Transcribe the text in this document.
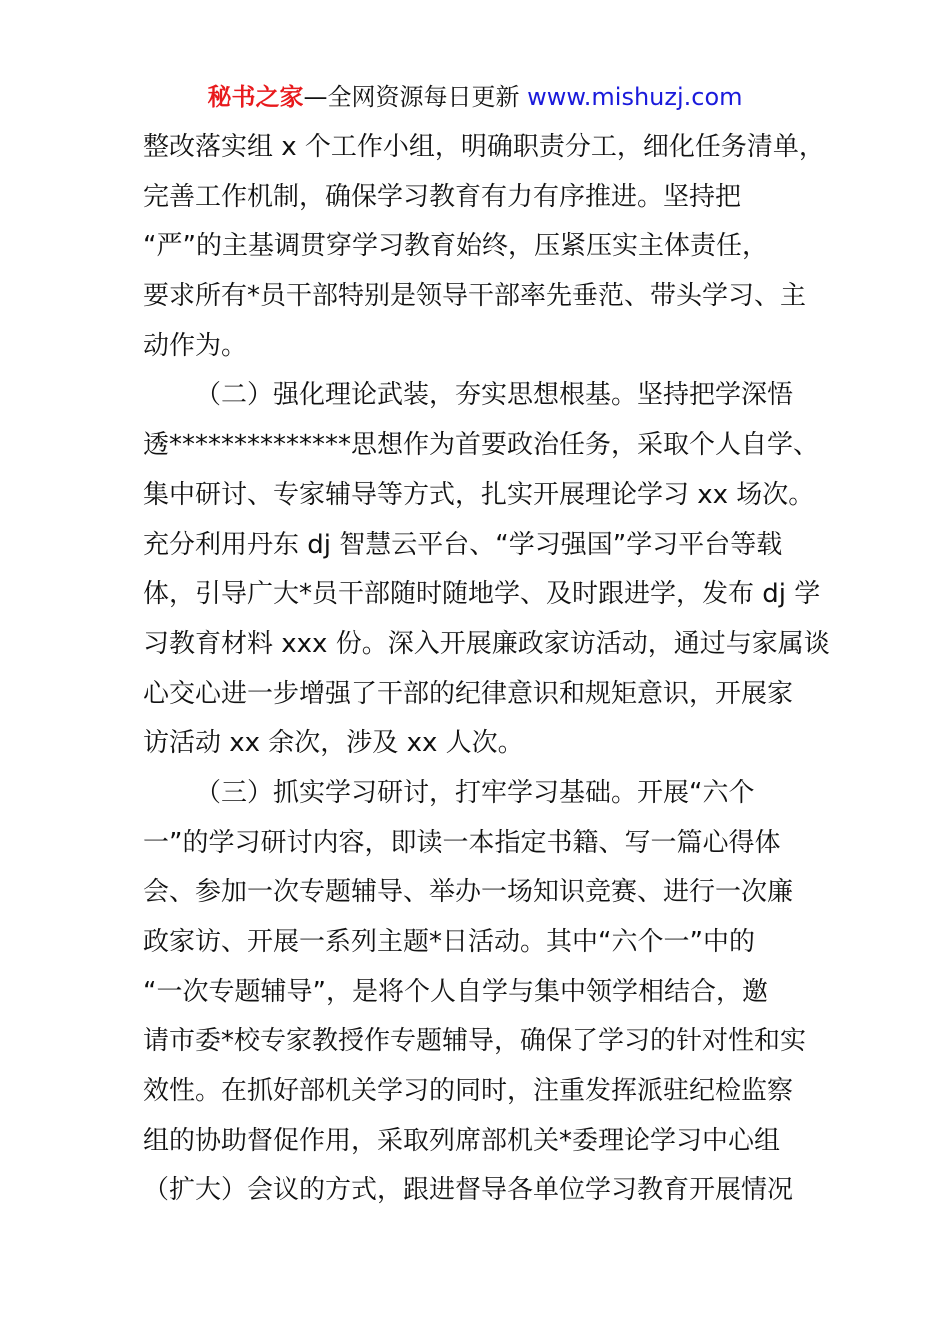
秘书之家—全网资源每日更新 www.mishuzj.com
整改落实组 x 个工作小组，明确职责分工，细化任务清单，
完善工作机制，确保学习教育有力有序推进。坚持把
“严”的主基调贯穿学习教育始终，压紧压实主体责任，
要求所有*员干部特别是领导干部率先垂范、带头学习、主
动作为。
（二）强化理论武装，夯实思想根基。坚持把学深悟
透**************思想作为首要政治任务，采取个人自学、
集中研讨、专家辅导等方式，扎实开展理论学习 xx 场次。
充分利用丹东 dj 智慧云平台、“学习强国”学习平台等载
体，引导广大*员干部随时随地学、及时跟进学，发布 dj 学
习教育材料 xxx 份。深入开展廉政家访活动，通过与家属谈
心交心进一步增强了干部的纪律意识和规矩意识，开展家
访活动 xx 余次，涉及 xx 人次。
（三）抓实学习研讨，打牢学习基础。开展“六个
一”的学习研讨内容，即读一本指定书籍、写一篇心得体
会、参加一次专题辅导、举办一场知识竞赛、进行一次廉
政家访、开展一系列主题*日活动。其中“六个一”中的
“一次专题辅导”，是将个人自学与集中领学相结合，邀
请市委*校专家教授作专题辅导，确保了学习的针对性和实
效性。在抓好部机关学习的同时，注重发挥派驻纪检监察
组的协助督促作用，采取列席部机关*委理论学习中心组
（扩大）会议的方式，跟进督导各单位学习教育开展情况
